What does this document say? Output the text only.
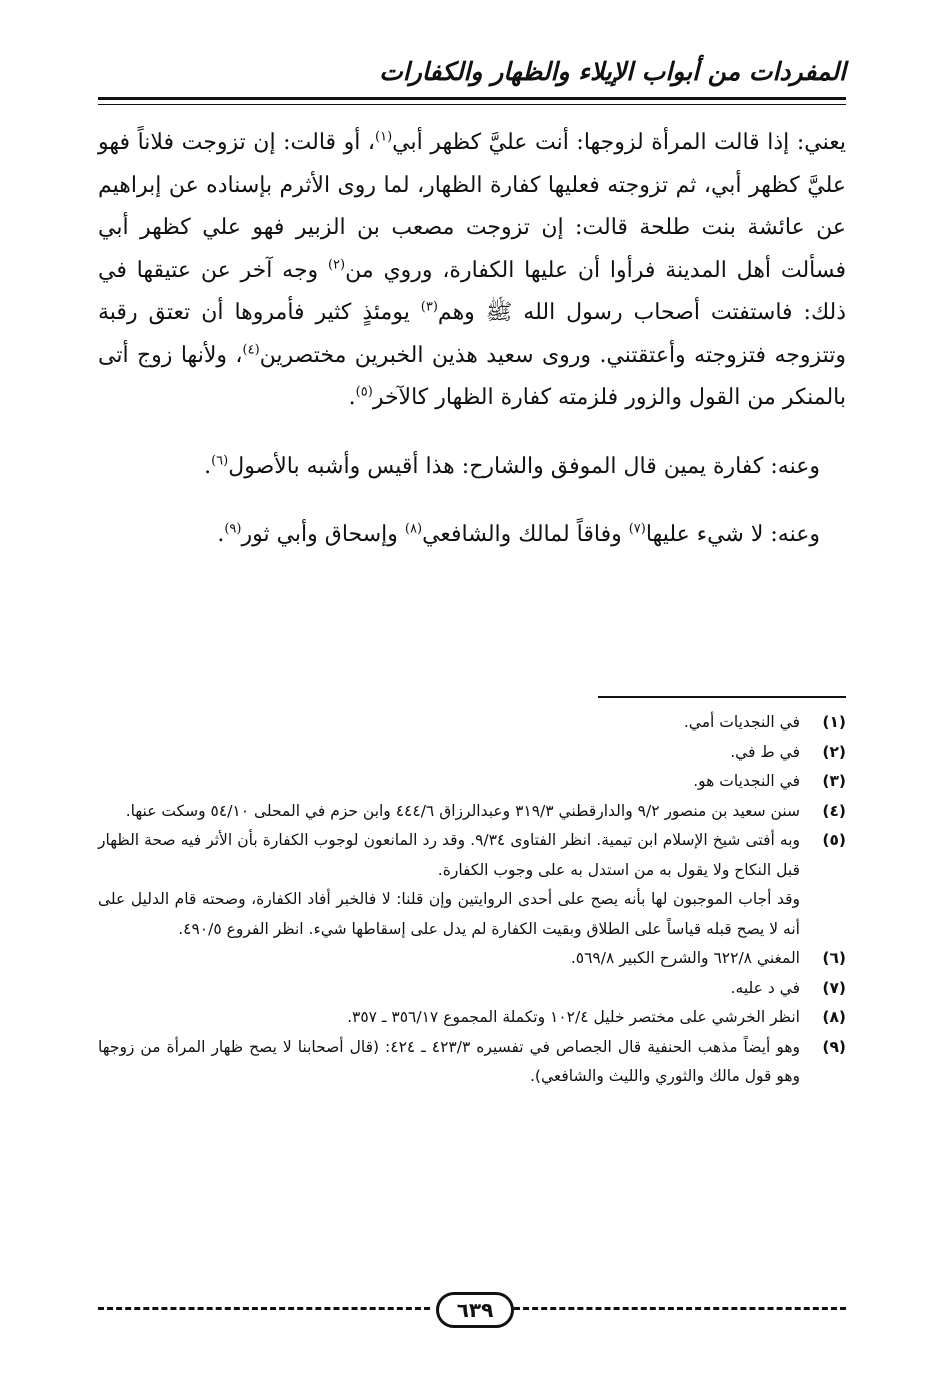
المفردات من أبواب الإيلاء والظهار والكفارات

يعني: إذا قالت المرأة لزوجها: أنت عليَّ كظهر أبي$^{(١)}$، أو قالت: إن تزوجت فلاناً فهو عليَّ كظهر أبي، ثم تزوجته فعليها كفارة الظهار، لما روى الأثرم بإسناده عن إبراهيم عن عائشة بنت طلحة قالت: إن تزوجت مصعب بن الزبير فهو علي كظهر أبي فسألت أهل المدينة فرأوا أن عليها الكفارة، وروي من$^{(٢)}$ وجه آخر عن عتيقها في ذلك: فاستفتت أصحاب رسول الله ﷺ وهم$^{(٣)}$ يومئذٍ كثير فأمروها أن تعتق رقبة وتتزوجه فتزوجته وأعتقتني. وروى سعيد هذين الخبرين مختصرين$^{(٤)}$، ولأنها زوج أتى بالمنكر من القول والزور فلزمته كفارة الظهار كالآخر$^{(٥)}$.

وعنه: كفارة يمين قال الموفق والشارح: هذا أقيس وأشبه بالأصول$^{(٦)}$.

وعنه: لا شيء عليها$^{(٧)}$ وفاقاً لمالك والشافعي$^{(٨)}$ وإسحاق وأبي ثور$^{(٩)}$.

(١)
في النجديات أمي.
(٢)
في ط في.
(٣)
في النجديات هو.
(٤)
سنن سعيد بن منصور ٩/٢ والدارقطني ٣١٩/٣ وعبدالرزاق ٤٤٤/٦ وابن حزم في المحلى ٥٤/١٠ وسكت عنها.
(٥)
وبه أفتى شيخ الإسلام ابن تيمية. انظر الفتاوى ٩/٣٤. وقد رد المانعون لوجوب الكفارة بأن الأثر فيه صحة الظهار قبل النكاح ولا يقول به من استدل به على وجوب الكفارة.
وقد أجاب الموجبون لها بأنه يصح على أحدى الروايتين وإن قلنا: لا فالخبر أفاد الكفارة، وصحته قام الدليل على أنه لا يصح قبله قياساً على الطلاق وبقيت الكفارة لم يدل على إسقاطها شيء. انظر الفروع ٤٩٠/٥.
(٦)
المغني ٦٢٢/٨ والشرح الكبير ٥٦٩/٨.
(٧)
في د عليه.
(٨)
انظر الخرشي على مختصر خليل ١٠٢/٤ وتكملة المجموع ٣٥٦/١٧ ـ ٣٥٧.
(٩)
وهو أيضاً مذهب الحنفية قال الجصاص في تفسيره ٤٢٣/٣ ـ ٤٢٤: (قال أصحابنا لا يصح ظهار المرأة من زوجها وهو قول مالك والثوري والليث والشافعي).
٦٣٩
